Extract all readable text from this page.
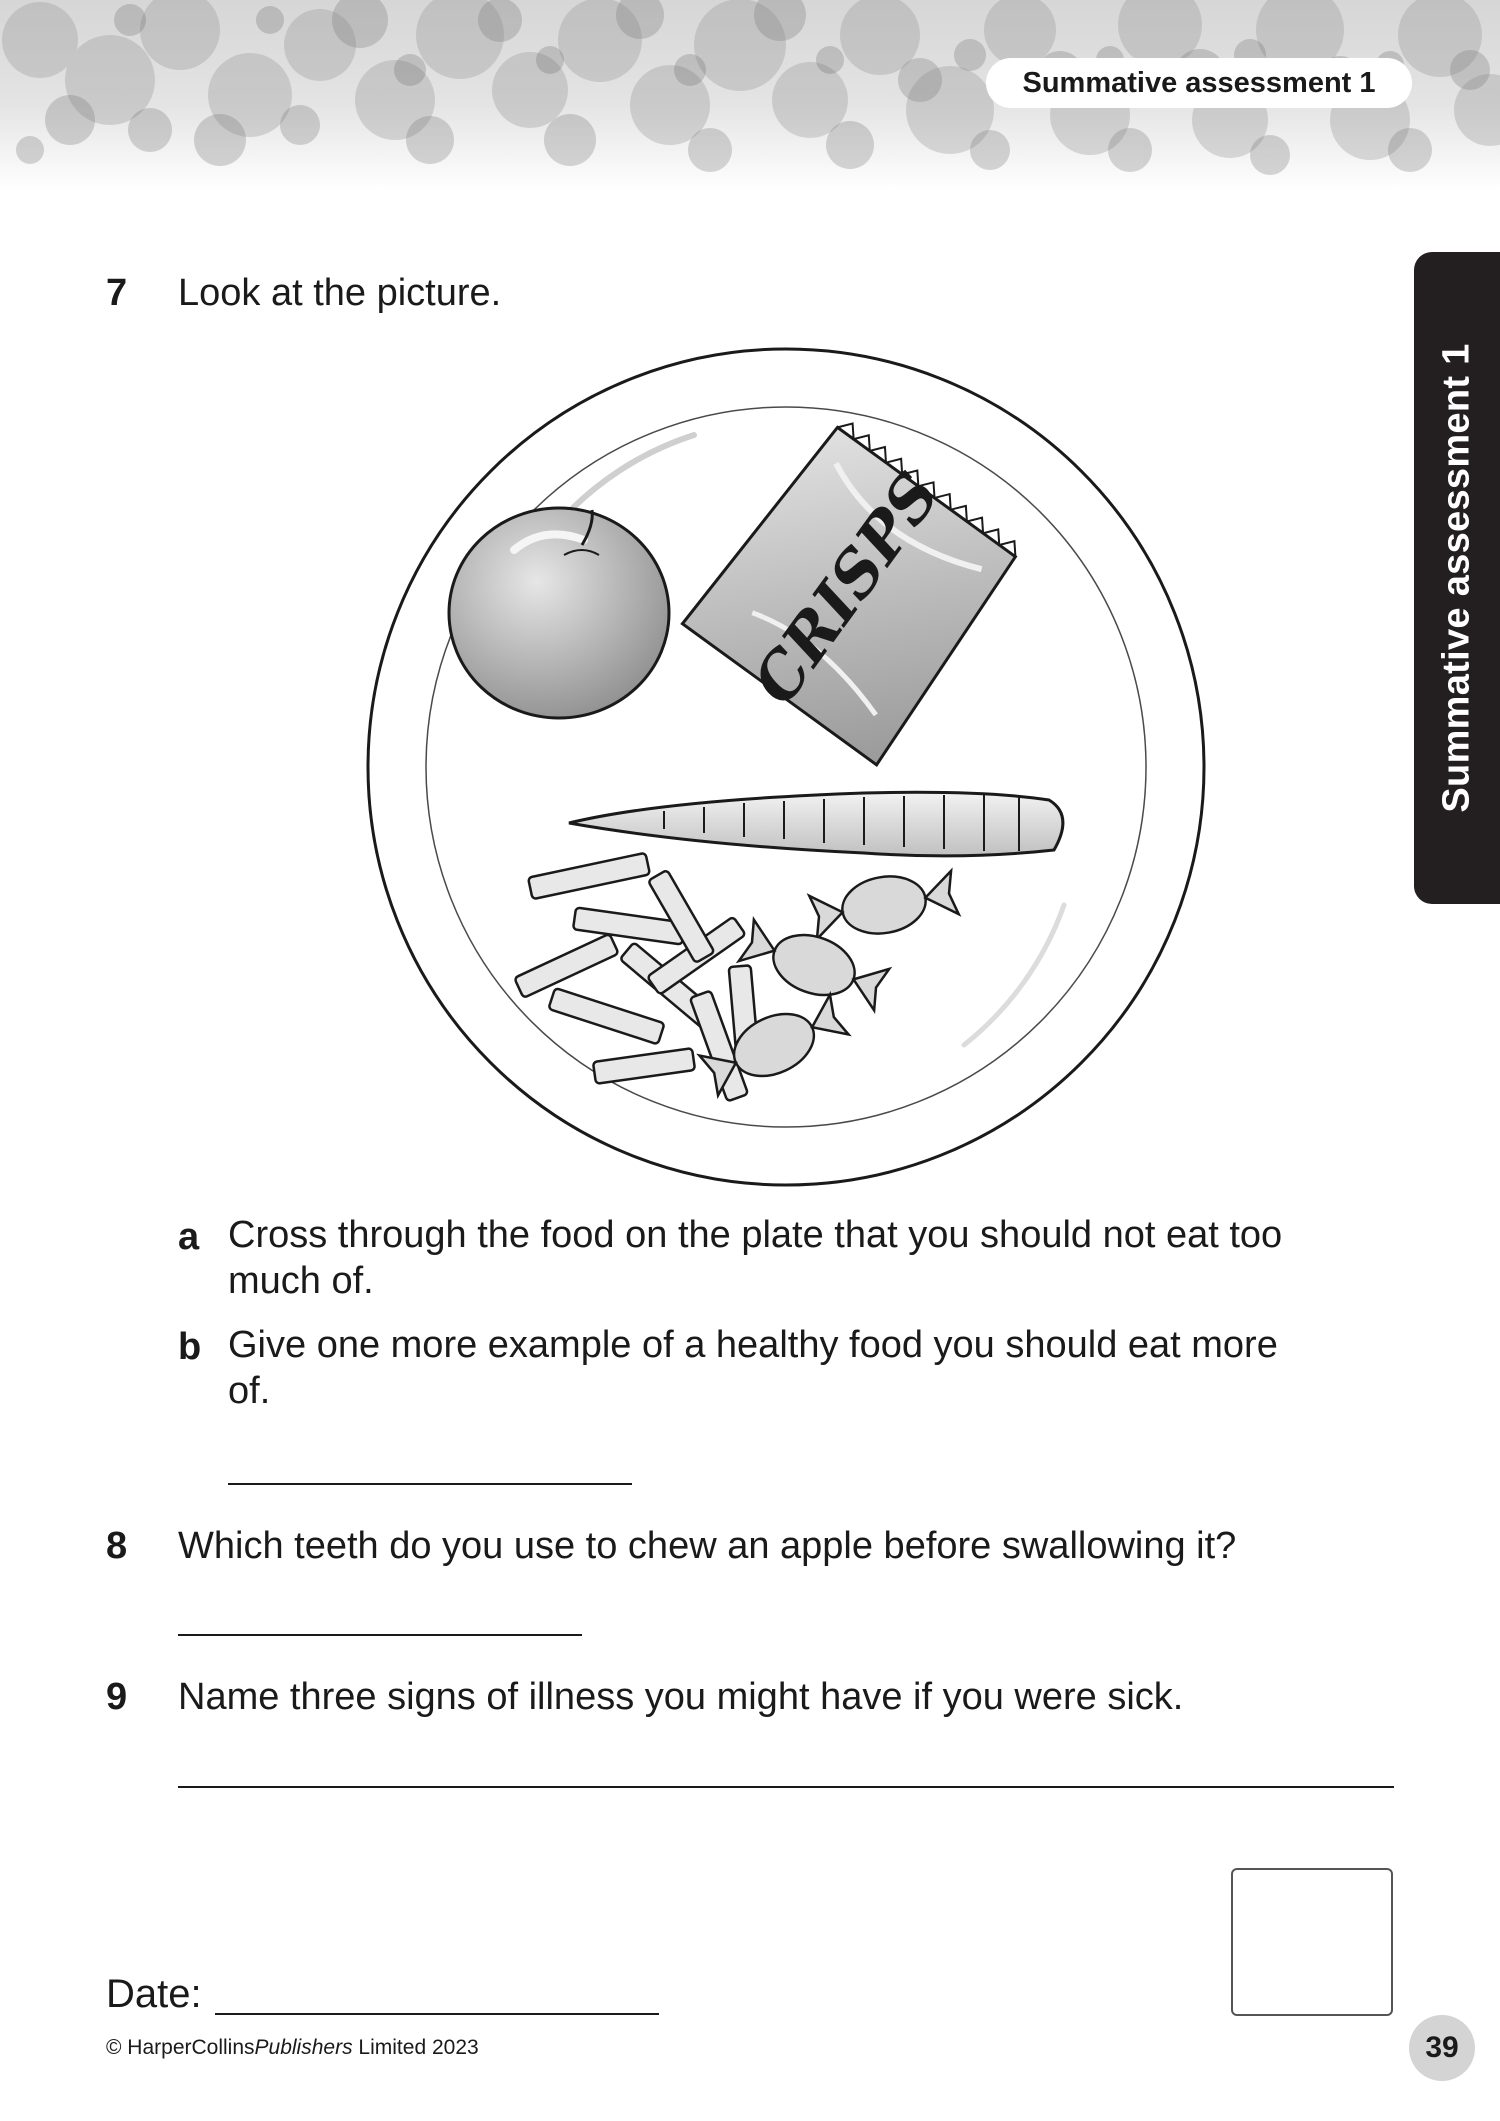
Summative assessment 1
Summative assessment 1
7 Look at the picture.
CRISPS
a Cross through the food on the plate that you should not eat too much of.
b Give one more example of a healthy food you should eat more of.
8 Which teeth do you use to chew an apple before swallowing it?
9 Name three signs of illness you might have if you were sick.
Date:
© HarperCollinsPublishers Limited 2023	39
